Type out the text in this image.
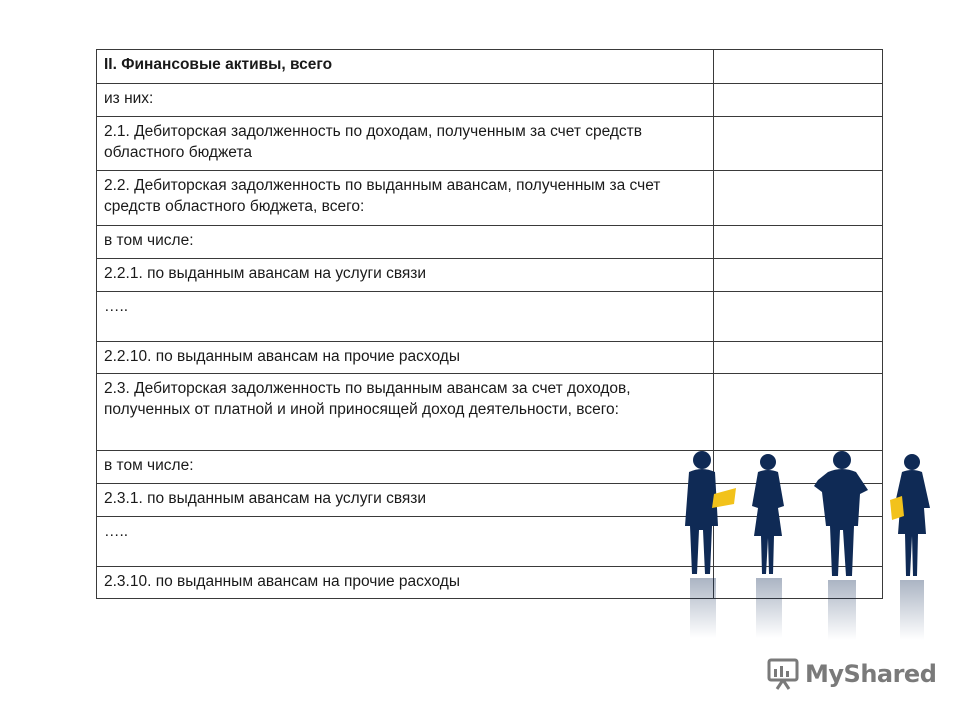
II. Финансовые активы, всего	
из них:	
2.1. Дебиторская задолженность по доходам, полученным за счет средств областного бюджета	
2.2. Дебиторская задолженность по выданным авансам, полученным за счет средств областного бюджета, всего:	
в том числе:	
2.2.1. по выданным авансам на услуги связи	
…..	
2.2.10. по выданным авансам на прочие расходы	
2.3. Дебиторская задолженность по выданным авансам за счет доходов, полученных от платной и иной приносящей доход деятельности, всего:	
в том числе:	
2.3.1. по выданным авансам на услуги связи	
…..	
2.3.10. по выданным авансам на прочие расходы	
MyShared
